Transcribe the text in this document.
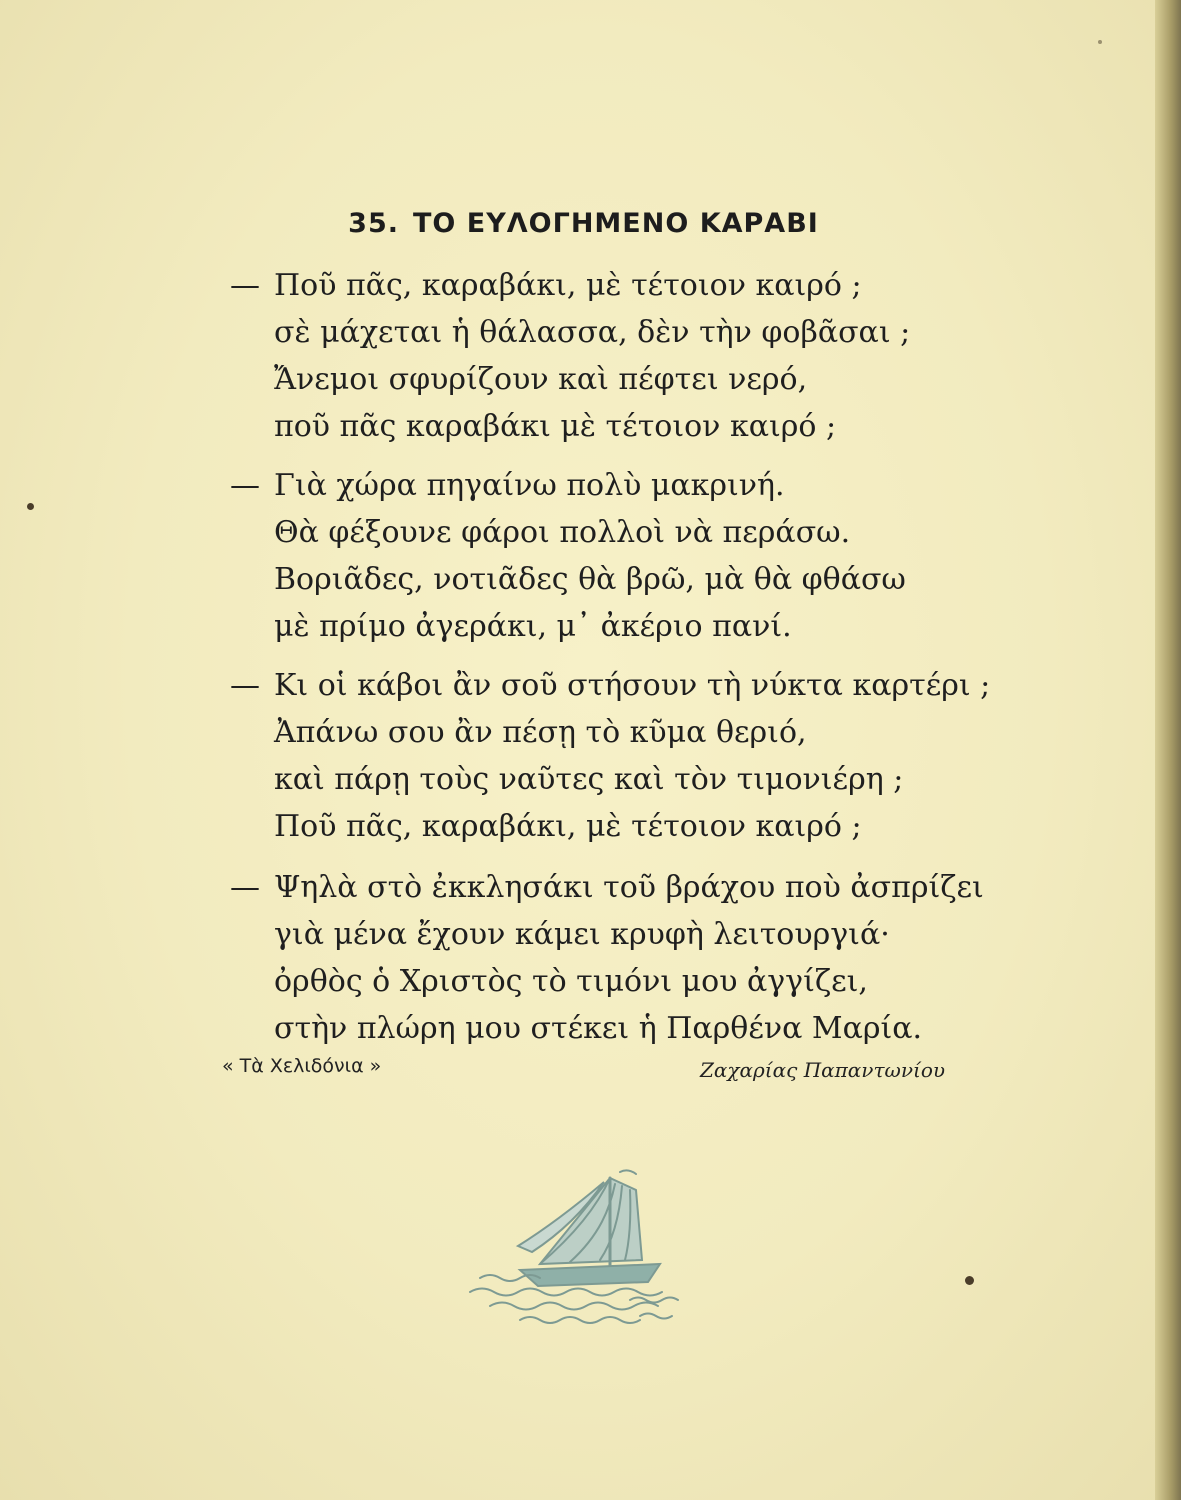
35. ΤΟ ΕΥΛΟΓΗΜΕΝΟ ΚΑΡΑΒΙ
— Ποῦ πᾶς, καραβάκι, μὲ τέτοιον καιρό ;
σὲ μάχεται ἡ θάλασσα, δὲν τὴν φοβᾶσαι ;
Ἄνεμοι σφυρίζουν καὶ πέφτει νερό,
ποῦ πᾶς καραβάκι μὲ τέτοιον καιρό ;
— Γιὰ χώρα πηγαίνω πολὺ μακρινή.
Θὰ φέξουνε φάροι πολλοὶ νὰ περάσω.
Βοριᾶδες, νοτιᾶδες θὰ βρῶ, μὰ θὰ φθάσω
μὲ πρίμο ἀγεράκι, μ᾽ ἀκέριο πανί.
— Κι οἱ κάβοι ἂν σοῦ στήσουν τὴ νύκτα καρτέρι ;
Ἀπάνω σου ἂν πέσῃ τὸ κῦμα θεριό,
καὶ πάρῃ τοὺς ναῦτες καὶ τὸν τιμονιέρη ;
Ποῦ πᾶς, καραβάκι, μὲ τέτοιον καιρό ;
— Ψηλὰ στὸ ἐκκλησάκι τοῦ βράχου ποὺ ἀσπρίζει
γιὰ μένα ἔχουν κάμει κρυφὴ λειτουργιά·
ὀρθὸς ὁ Χριστὸς τὸ τιμόνι μου ἀγγίζει,
στὴν πλώρη μου στέκει ἡ Παρθένα Μαρία.
« Τὰ Χελιδόνια »	Ζαχαρίας Παπαντωνίου
